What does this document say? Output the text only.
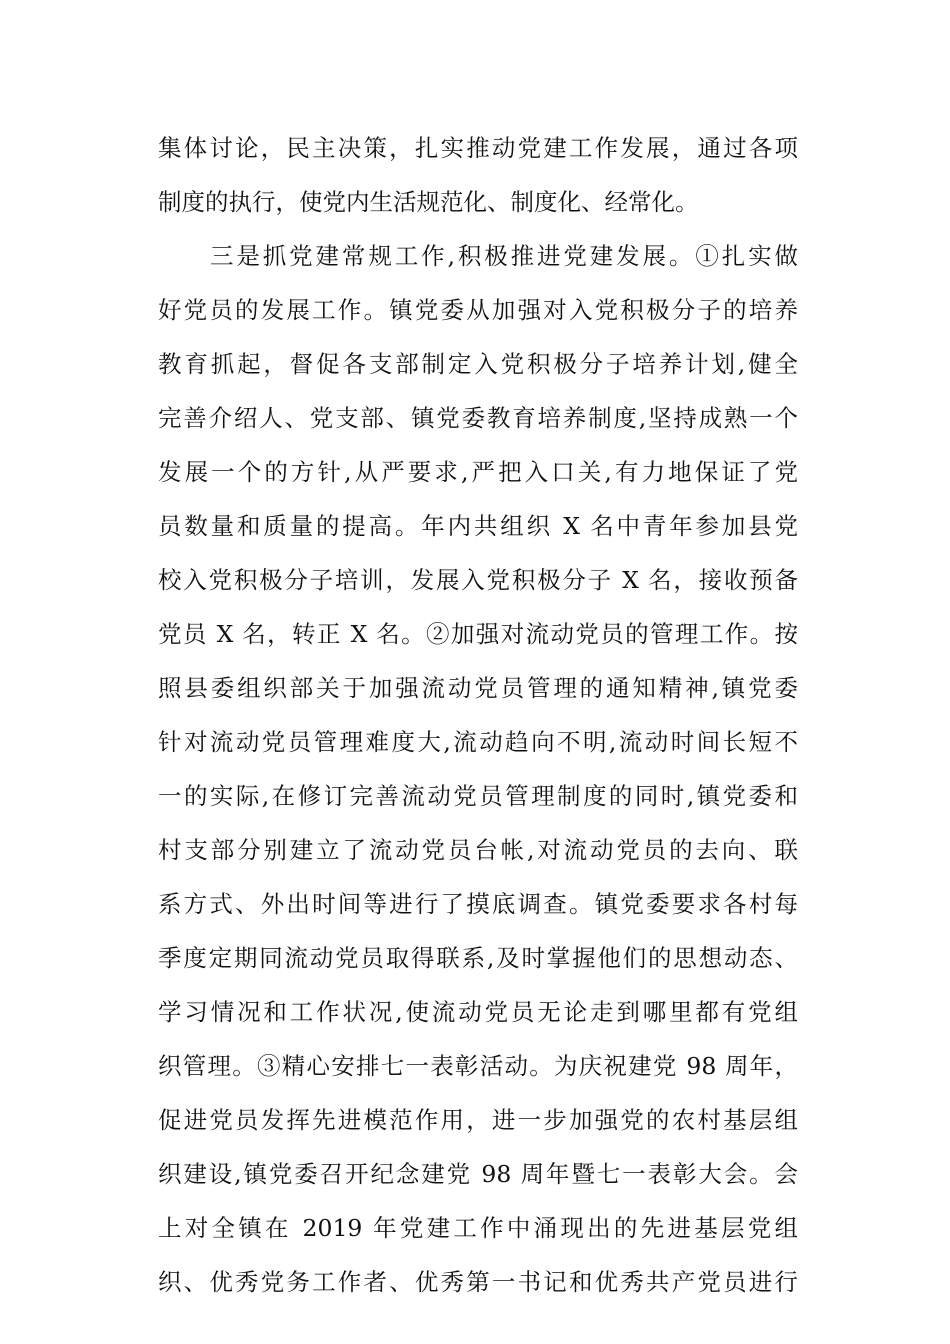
集体讨论，民主决策，扎实推动党建工作发展，通过各项
制度的执行，使党内生活规范化、制度化、经常化。
三是抓党建常规工作,积极推进党建发展。①扎实做
好党员的发展工作。镇党委从加强对入党积极分子的培养
教育抓起，督促各支部制定入党积极分子培养计划,健全
完善介绍人、党支部、镇党委教育培养制度,坚持成熟一个
发展一个的方针,从严要求,严把入口关,有力地保证了党
员数量和质量的提高。年内共组织 X 名中青年参加县党
校入党积极分子培训，发展入党积极分子 X 名，接收预备
党员 X 名，转正 X 名。②加强对流动党员的管理工作。按
照县委组织部关于加强流动党员管理的通知精神,镇党委
针对流动党员管理难度大,流动趋向不明,流动时间长短不
一的实际,在修订完善流动党员管理制度的同时,镇党委和
村支部分别建立了流动党员台帐,对流动党员的去向、联
系方式、外出时间等进行了摸底调查。镇党委要求各村每
季度定期同流动党员取得联系,及时掌握他们的思想动态、
学习情况和工作状况,使流动党员无论走到哪里都有党组
织管理。③精心安排七一表彰活动。为庆祝建党 98 周年，
促进党员发挥先进模范作用，进一步加强党的农村基层组
织建设,镇党委召开纪念建党 98 周年暨七一表彰大会。会
上对全镇在 2019 年党建工作中涌现出的先进基层党组
织、优秀党务工作者、优秀第一书记和优秀共产党员进行
